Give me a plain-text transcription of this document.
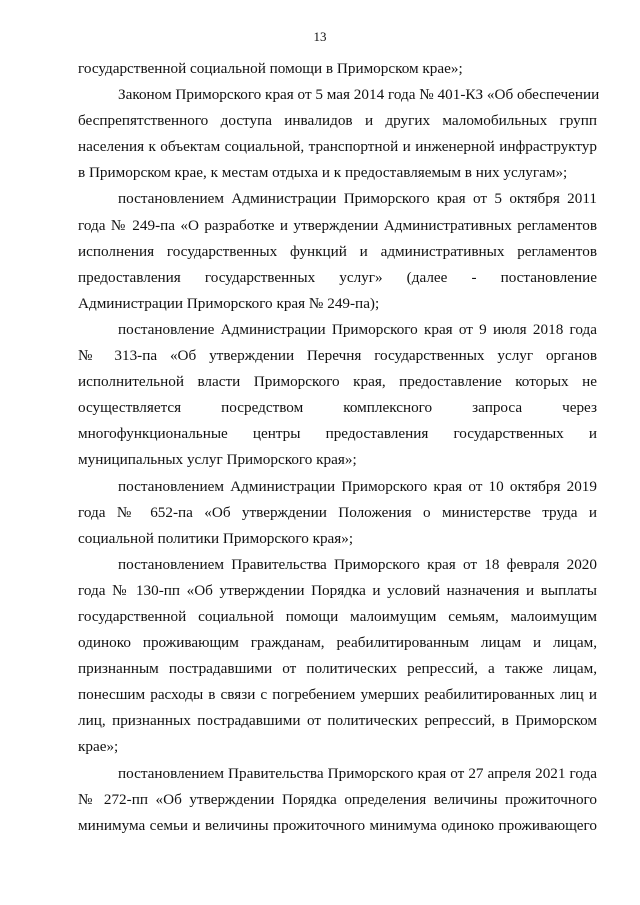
13

государственной социальной помощи в Приморском крае»;

Законом Приморского края от 5 мая 2014 года № 401-КЗ «Об обеспечении
беспрепятственного доступа инвалидов и других маломобильных групп
населения к объектам социальной, транспортной и инженерной инфраструктур
в Приморском крае, к местам отдыха и к предоставляемым в них услугам»;

постановлением Администрации Приморского края от 5 октября 2011
года № 249-па «О разработке и утверждении Административных регламентов
исполнения государственных функций и административных регламентов
предоставления государственных услуг» (далее - постановление
Администрации Приморского края № 249-па);

постановление Администрации Приморского края от 9 июля 2018 года
№ 313-па «Об утверждении Перечня государственных услуг органов
исполнительной власти Приморского края, предоставление которых не
осуществляется посредством комплексного запроса через
многофункциональные центры предоставления государственных и
муниципальных услуг Приморского края»;

постановлением Администрации Приморского края от 10 октября 2019
года № 652-па «Об утверждении Положения о министерстве труда и
социальной политики Приморского края»;

постановлением Правительства Приморского края от 18 февраля 2020
года № 130-пп «Об утверждении Порядка и условий назначения и выплаты
государственной социальной помощи малоимущим семьям, малоимущим
одиноко проживающим гражданам, реабилитированным лицам и лицам,
признанным пострадавшими от политических репрессий, а также лицам,
понесшим расходы в связи с погребением умерших реабилитированных лиц и
лиц, признанных пострадавшими от политических репрессий, в Приморском
крае»;

постановлением Правительства Приморского края от 27 апреля 2021 года
№ 272-пп «Об утверждении Порядка определения величины прожиточного
минимума семьи и величины прожиточного минимума одиноко проживающего
